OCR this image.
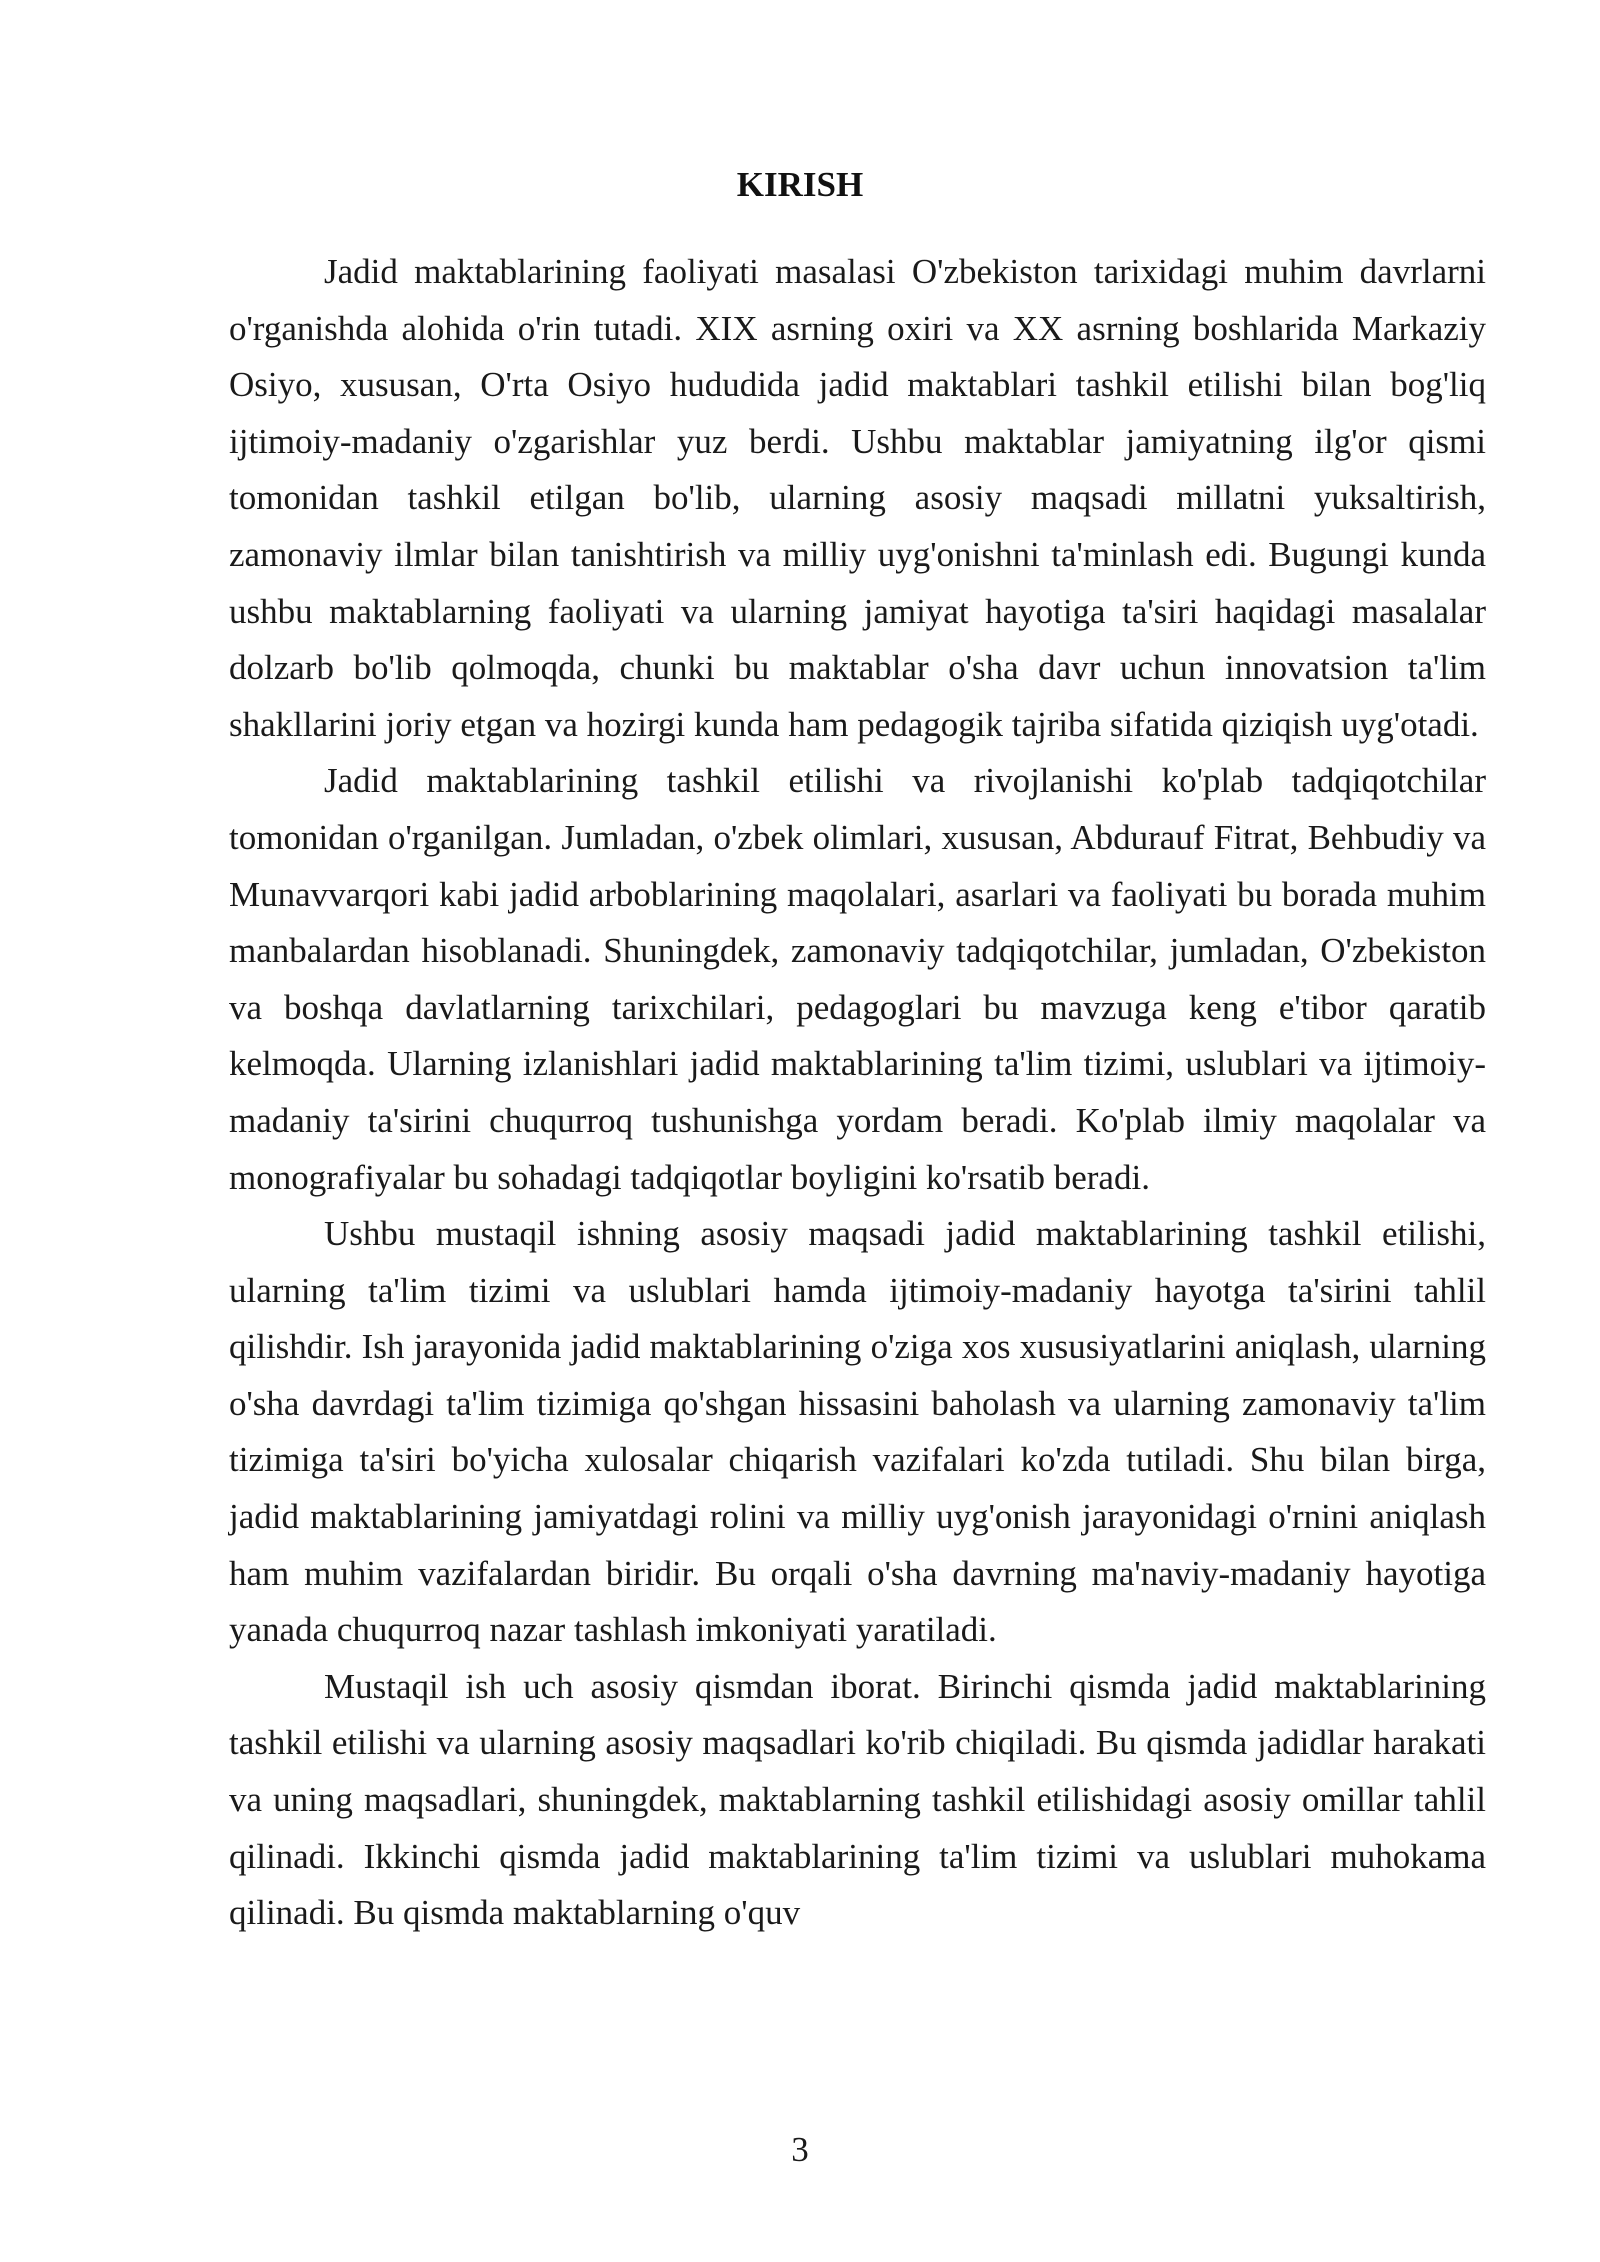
KIRISH

Jadid maktablarining faoliyati masalasi O'zbekiston tarixidagi muhim davrlarni o'rganishda alohida o'rin tutadi. XIX asrning oxiri va XX asrning boshlarida Markaziy Osiyo, xususan, O'rta Osiyo hududida jadid maktablari tashkil etilishi bilan bog'liq ijtimoiy-madaniy o'zgarishlar yuz berdi. Ushbu maktablar jamiyatning ilg'or qismi tomonidan tashkil etilgan bo'lib, ularning asosiy maqsadi millatni yuksaltirish, zamonaviy ilmlar bilan tanishtirish va milliy uyg'onishni ta'minlash edi. Bugungi kunda ushbu maktablarning faoliyati va ularning jamiyat hayotiga ta'siri haqidagi masalalar dolzarb bo'lib qolmoqda, chunki bu maktablar o'sha davr uchun innovatsion ta'lim shakllarini joriy etgan va hozirgi kunda ham pedagogik tajriba sifatida qiziqish uyg'otadi.

Jadid maktablarining tashkil etilishi va rivojlanishi ko'plab tadqiqotchilar tomonidan o'rganilgan. Jumladan, o'zbek olimlari, xususan, Abdurauf Fitrat, Behbudiy va Munavvarqori kabi jadid arboblarining maqolalari, asarlari va faoliyati bu borada muhim manbalardan hisoblanadi. Shuningdek, zamonaviy tadqiqotchilar, jumladan, O'zbekiston va boshqa davlatlarning tarixchilari, pedagoglari bu mavzuga keng e'tibor qaratib kelmoqda. Ularning izlanishlari jadid maktablarining ta'lim tizimi, uslublari va ijtimoiy-madaniy ta'sirini chuqurroq tushunishga yordam beradi. Ko'plab ilmiy maqolalar va monografiyalar bu sohadagi tadqiqotlar boyligini ko'rsatib beradi.

Ushbu mustaqil ishning asosiy maqsadi jadid maktablarining tashkil etilishi, ularning ta'lim tizimi va uslublari hamda ijtimoiy-madaniy hayotga ta'sirini tahlil qilishdir. Ish jarayonida jadid maktablarining o'ziga xos xususiyatlarini aniqlash, ularning o'sha davrdagi ta'lim tizimiga qo'shgan hissasini baholash va ularning zamonaviy ta'lim tizimiga ta'siri bo'yicha xulosalar chiqarish vazifalari ko'zda tutiladi. Shu bilan birga, jadid maktablarining jamiyatdagi rolini va milliy uyg'onish jarayonidagi o'rnini aniqlash ham muhim vazifalardan biridir. Bu orqali o'sha davrning ma'naviy-madaniy hayotiga yanada chuqurroq nazar tashlash imkoniyati yaratiladi.

Mustaqil ish uch asosiy qismdan iborat. Birinchi qismda jadid maktablarining tashkil etilishi va ularning asosiy maqsadlari ko'rib chiqiladi. Bu qismda jadidlar harakati va uning maqsadlari, shuningdek, maktablarning tashkil etilishidagi asosiy omillar tahlil qilinadi. Ikkinchi qismda jadid maktablarining ta'lim tizimi va uslublari muhokama qilinadi. Bu qismda maktablarning o'quv

3
